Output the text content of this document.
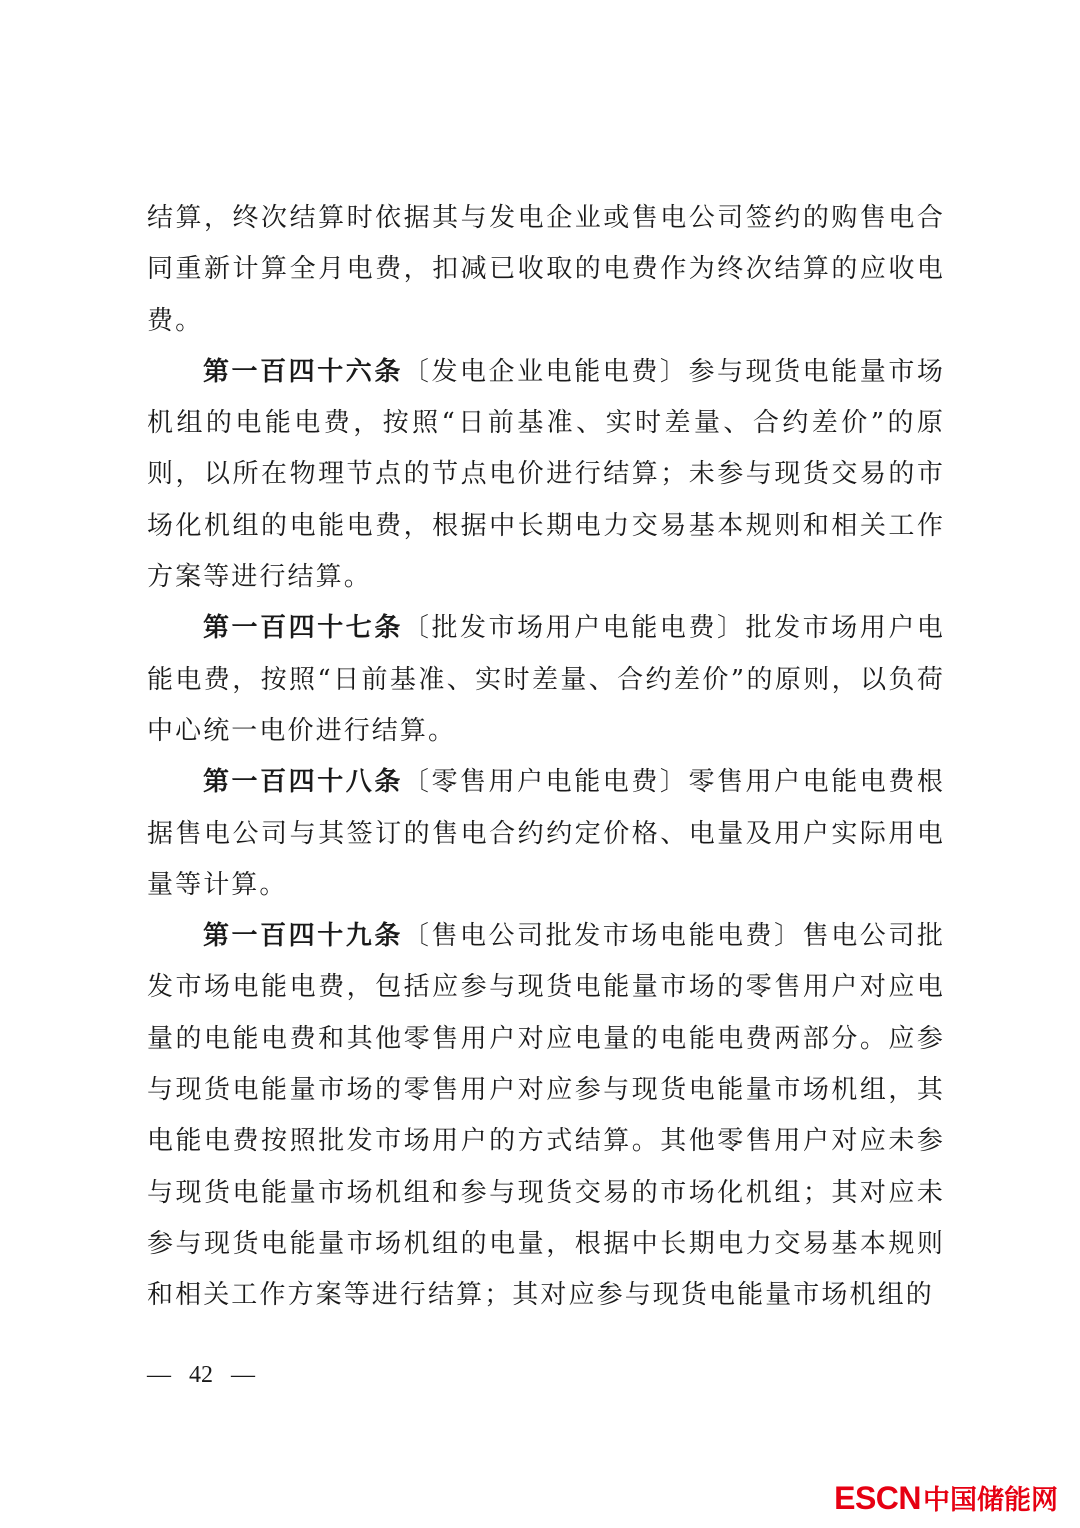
结算，终次结算时依据其与发电企业或售电公司签约的购售电合同重新计算全月电费，扣减已收取的电费作为终次结算的应收电费。

第一百四十六条〔发电企业电能电费〕参与现货电能量市场机组的电能电费，按照“日前基准、实时差量、合约差价”的原则，以所在物理节点的节点电价进行结算；未参与现货交易的市场化机组的电能电费，根据中长期电力交易基本规则和相关工作方案等进行结算。

第一百四十七条〔批发市场用户电能电费〕批发市场用户电能电费，按照“日前基准、实时差量、合约差价”的原则，以负荷中心统一电价进行结算。

第一百四十八条〔零售用户电能电费〕零售用户电能电费根据售电公司与其签订的售电合约约定价格、电量及用户实际用电量等计算。

第一百四十九条〔售电公司批发市场电能电费〕售电公司批发市场电能电费，包括应参与现货电能量市场的零售用户对应电量的电能电费和其他零售用户对应电量的电能电费两部分。应参与现货电能量市场的零售用户对应参与现货电能量市场机组，其电能电费按照批发市场用户的方式结算。其他零售用户对应未参与现货电能量市场机组和参与现货交易的市场化机组；其对应未参与现货电能量市场机组的电量，根据中长期电力交易基本规则和相关工作方案等进行结算；其对应参与现货电能量市场机组的

—   42   —
ESCN中国储能网
